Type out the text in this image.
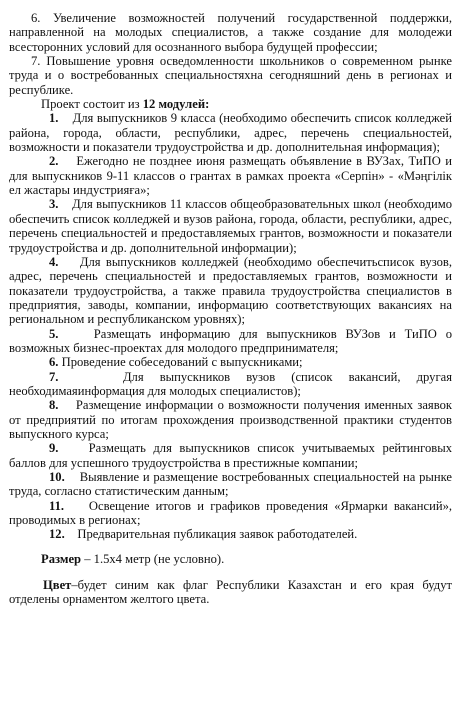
6. Увеличение возможностей получений государственной поддержки, направленной на молодых специалистов, а также создание для молодежи всесторонних условий для осознанного выбора будущей профессии;

7. Повышение уровня осведомленности школьников о современном рынке труда и о востребованных специальностяхна сегодняшний день в регионах и республике.

Проект состоит из 12 модулей:

1. Для выпускников 9 класса (необходимо обеспечить список колледжей района, города, области, республики, адрес, перечень специальностей, возможности и показатели трудоустройства и др. дополнительная информация);

2. Ежегодно не позднее июня размещать объявление в ВУЗах, ТиПО и для выпускников 9-11 классов о грантах в рамках проекта «Серпін» - «Мәңгілік ел жастары индустрияға»;

3. Для выпускников 11 классов общеобразовательных школ (необходимо обеспечить список колледжей и вузов района, города, области, республики, адрес, перечень специальностей и предоставляемых грантов, возможности и показатели трудоустройства и др. дополнительной информации);

4. Для выпускников колледжей (необходимо обеспечитьсписок вузов, адрес, перечень специальностей и предоставляемых грантов, возможности и показатели трудоустройства, а также правила трудоустройства специалистов в предприятия, заводы, компании, информацию соответствующих вакансиях на региональном и республиканском уровнях);

5.	Размещать информацию для выпускников ВУЗов и ТиПО о возможных бизнес-проектах для молодого предпринимателя;

6. Проведение собеседований с выпускниками;

7.	Для выпускников вузов (список вакансий, другая необходимаяинформация для молодых специалистов);

8. Размещение информации о возможности получения именных заявок от предприятий по итогам прохождения производственной практики студентов выпускного курса;

9. Размещать для выпускников список учитываемых рейтинговых баллов для успешного трудоустройства в престижные компании;

10. Выявление и размещение востребованных специальностей на рынке труда, согласно статистическим данным;

11. Освещение итогов и графиков проведения «Ярмарки вакансий», проводимых в регионах;

12. Предварительная публикация заявок работодателей.

Размер – 1.5х4 метр (не условно).

Цвет–будет синим как флаг Республики Казахстан и его края будут отделены орнаментом желтого цвета.
